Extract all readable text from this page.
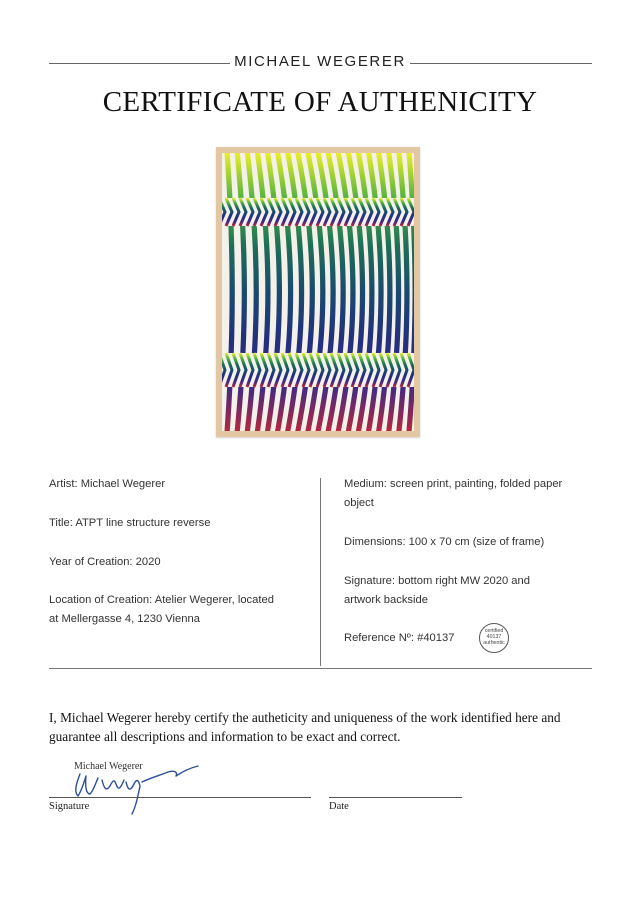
MICHAEL WEGERER
CERTIFICATE OF AUTHENICITY
Artist: Michael Wegerer
Title: ATPT line structure reverse
Year of Creation: 2020
Location of Creation: Atelier Wegerer, located
at Mellergasse 4, 1230 Vienna
Medium: screen print, painting, folded paper
object
Dimensions: 100 x 70 cm (size of frame)
Signature: bottom right MW 2020 and
artwork backside
Reference Nº: #40137
certified
40137
authentic
I, Michael Wegerer hereby certify the autheticity and uniqueness of the work identified here and guarantee all descriptions and information to be exact and correct.
Michael Wegerer
Signature	Date
